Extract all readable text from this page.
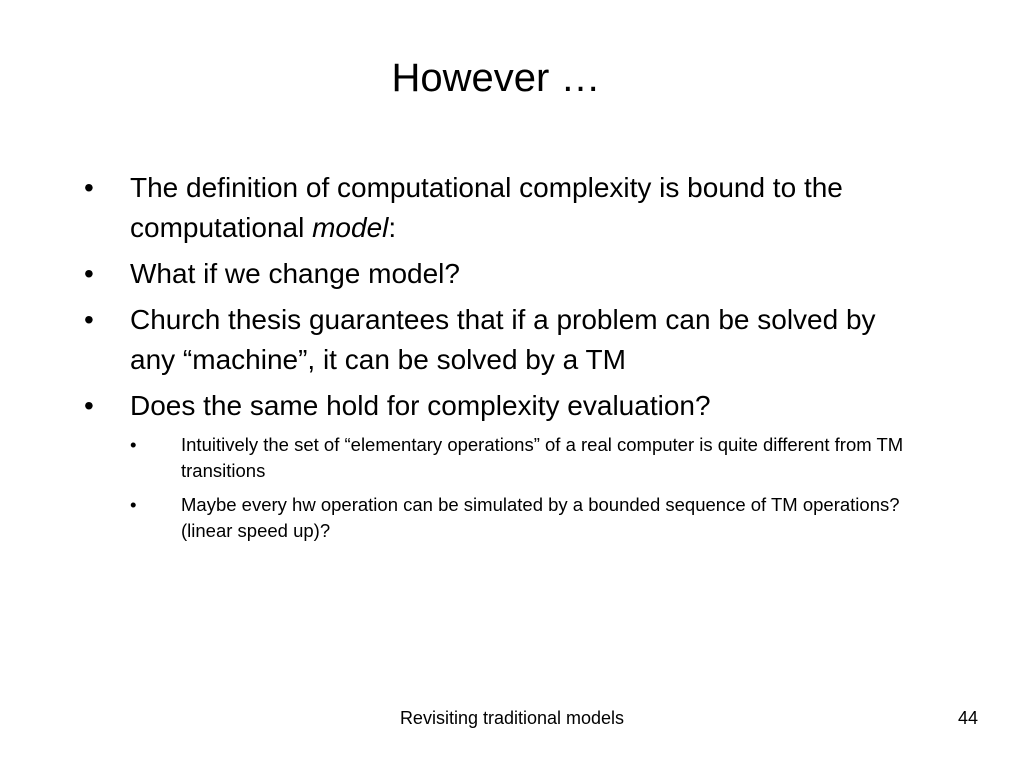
However …
• The definition of computational complexity is bound to the computational model:
• What if we change model?
• Church thesis guarantees that if a problem can be solved by any “machine”, it can be solved by a TM
• Does the same hold for complexity evaluation?
• Intuitively the set of “elementary operations” of a real computer is quite different from TM transitions
• Maybe every hw operation can be simulated by a bounded sequence of TM operations? (linear speed up)?
Revisiting traditional models	44
